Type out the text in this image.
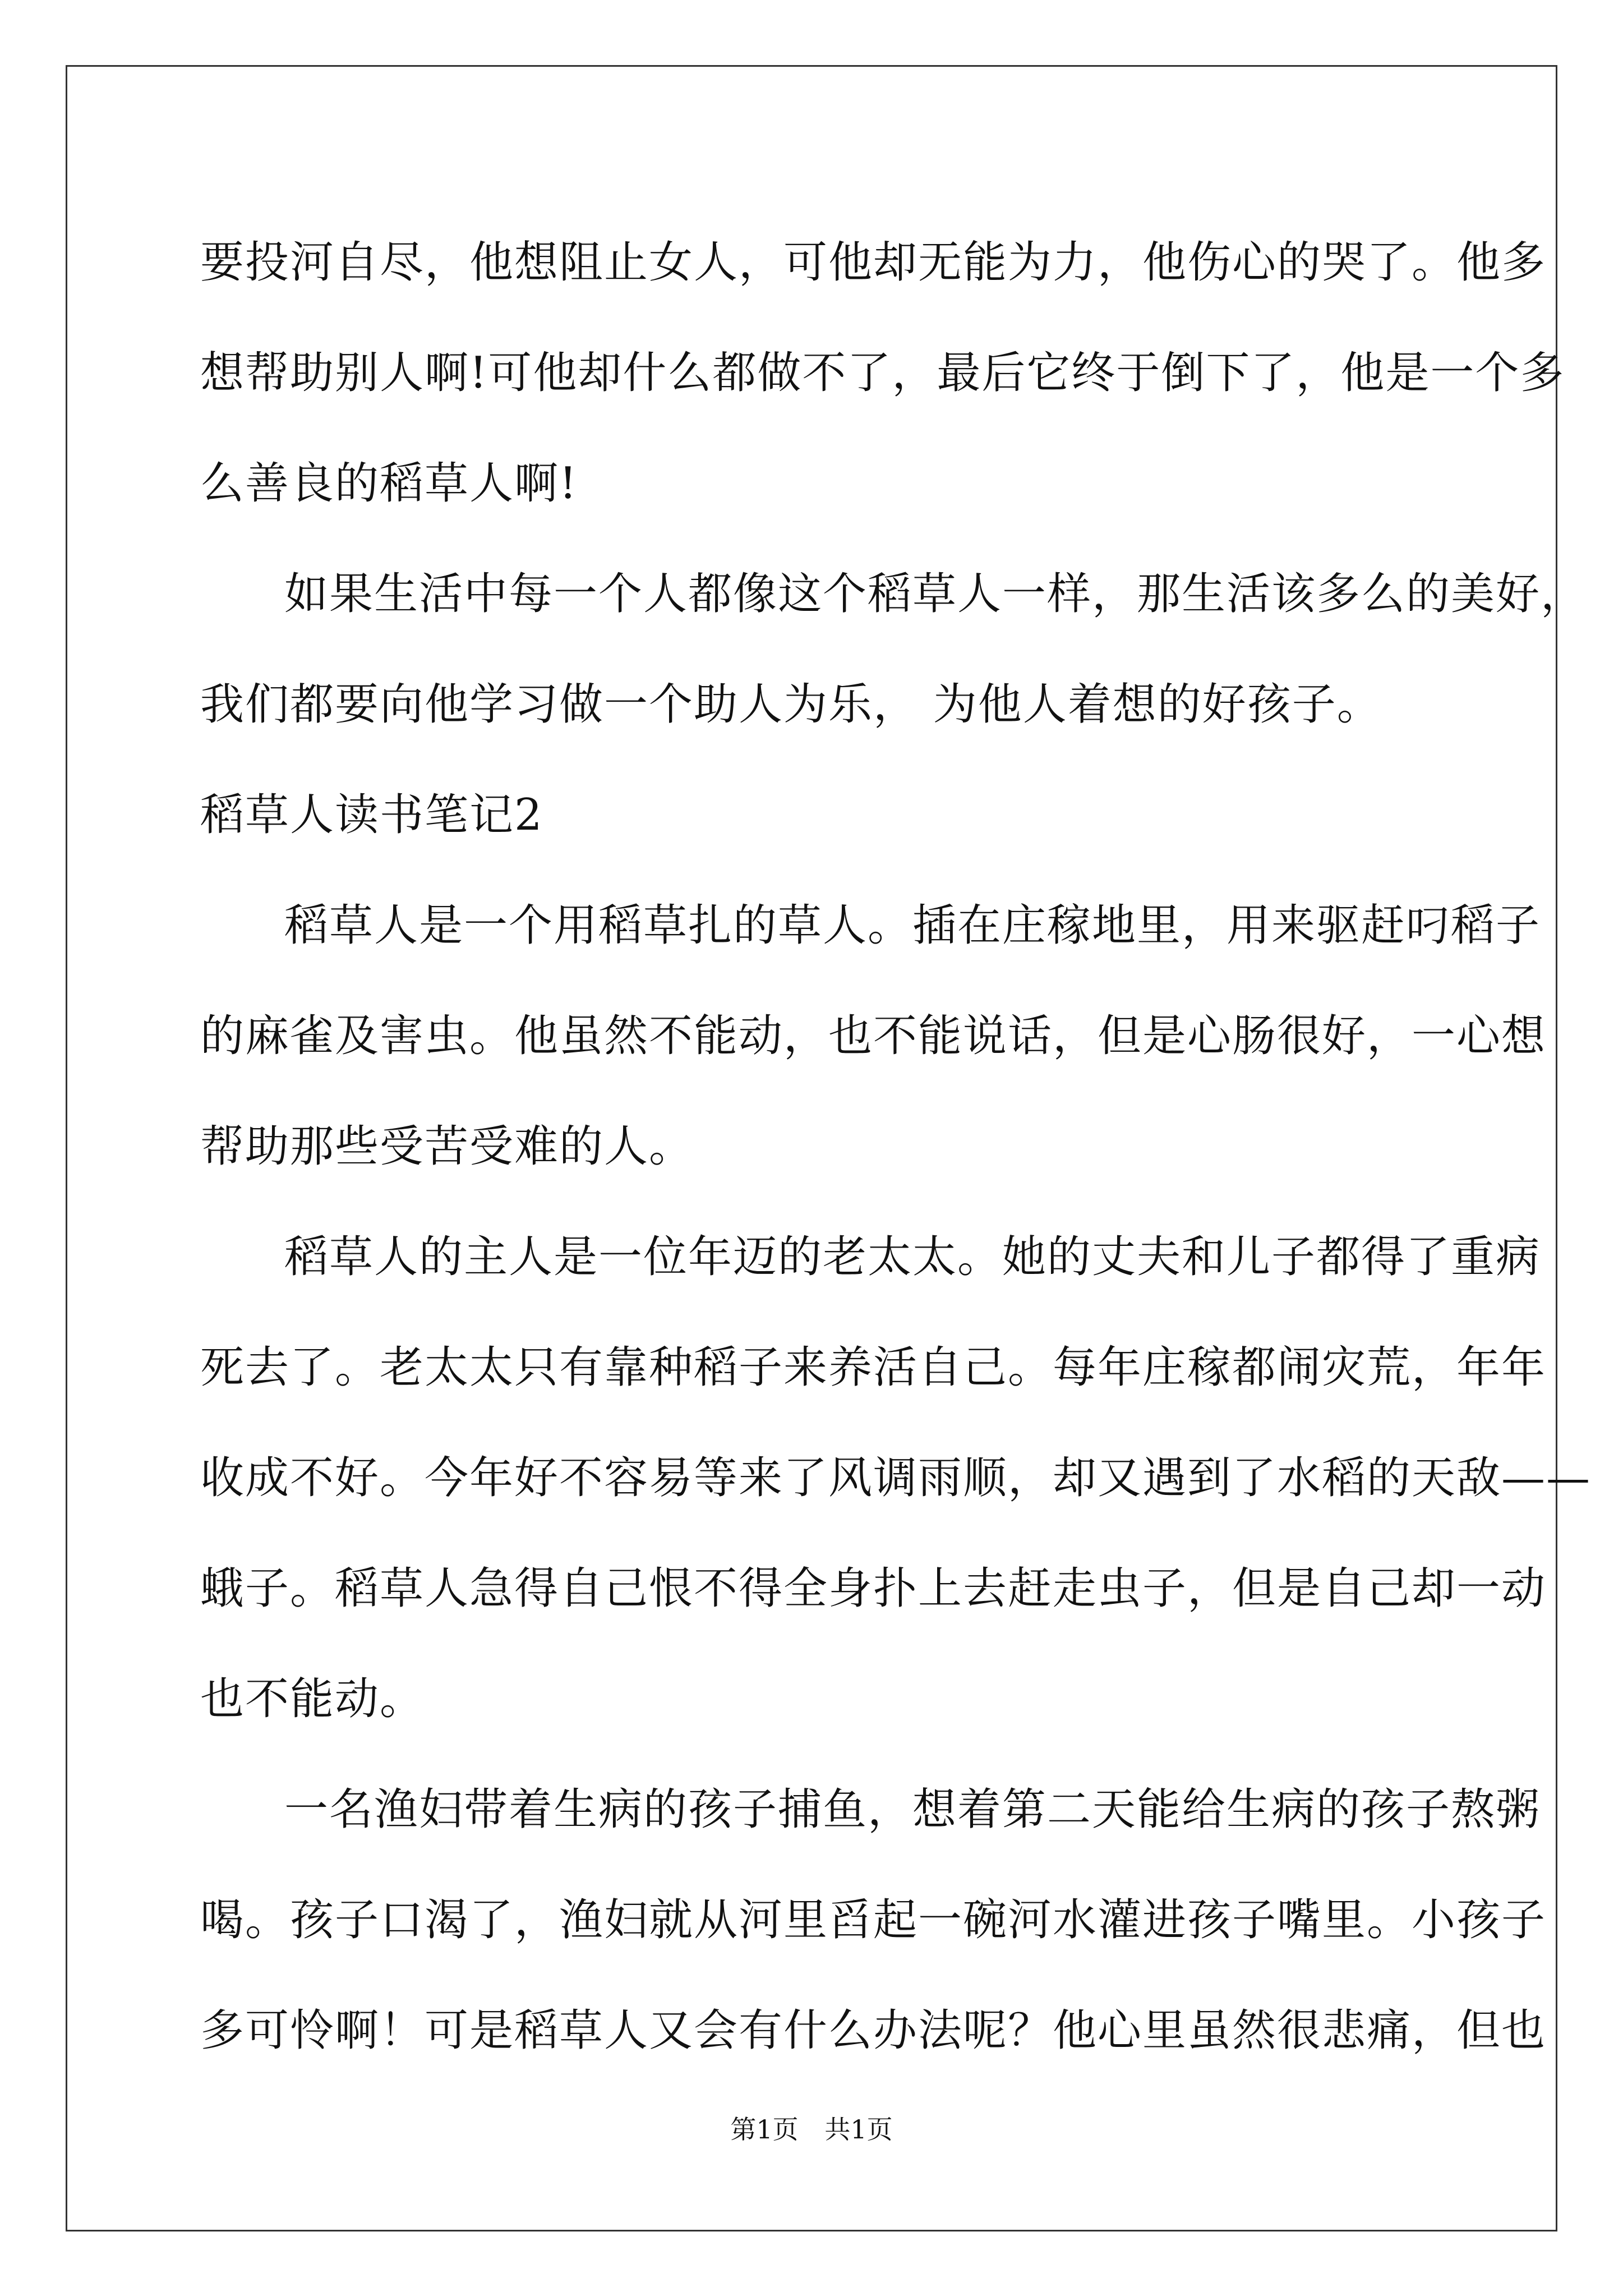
要投河自尽，他想阻止女人，可他却无能为力，他伤心的哭了。他多
想帮助别人啊!可他却什么都做不了，最后它终于倒下了，他是一个多
么善良的稻草人啊!
如果生活中每一个人都像这个稻草人一样，那生活该多么的美好，
我们都要向他学习做一个助人为乐， 为他人着想的好孩子。
稻草人读书笔记2
稻草人是一个用稻草扎的草人。插在庄稼地里，用来驱赶叼稻子
的麻雀及害虫。他虽然不能动，也不能说话，但是心肠很好，一心想
帮助那些受苦受难的人。
稻草人的主人是一位年迈的老太太。她的丈夫和儿子都得了重病
死去了。老太太只有靠种稻子来养活自己。每年庄稼都闹灾荒，年年
收成不好。今年好不容易等来了风调雨顺，却又遇到了水稻的天敌——
蛾子。稻草人急得自己恨不得全身扑上去赶走虫子，但是自己却一动
也不能动。
一名渔妇带着生病的孩子捕鱼，想着第二天能给生病的孩子熬粥
喝。孩子口渴了，渔妇就从河里舀起一碗河水灌进孩子嘴里。小孩子
多可怜啊！可是稻草人又会有什么办法呢？他心里虽然很悲痛，但也
第1页 共1页
